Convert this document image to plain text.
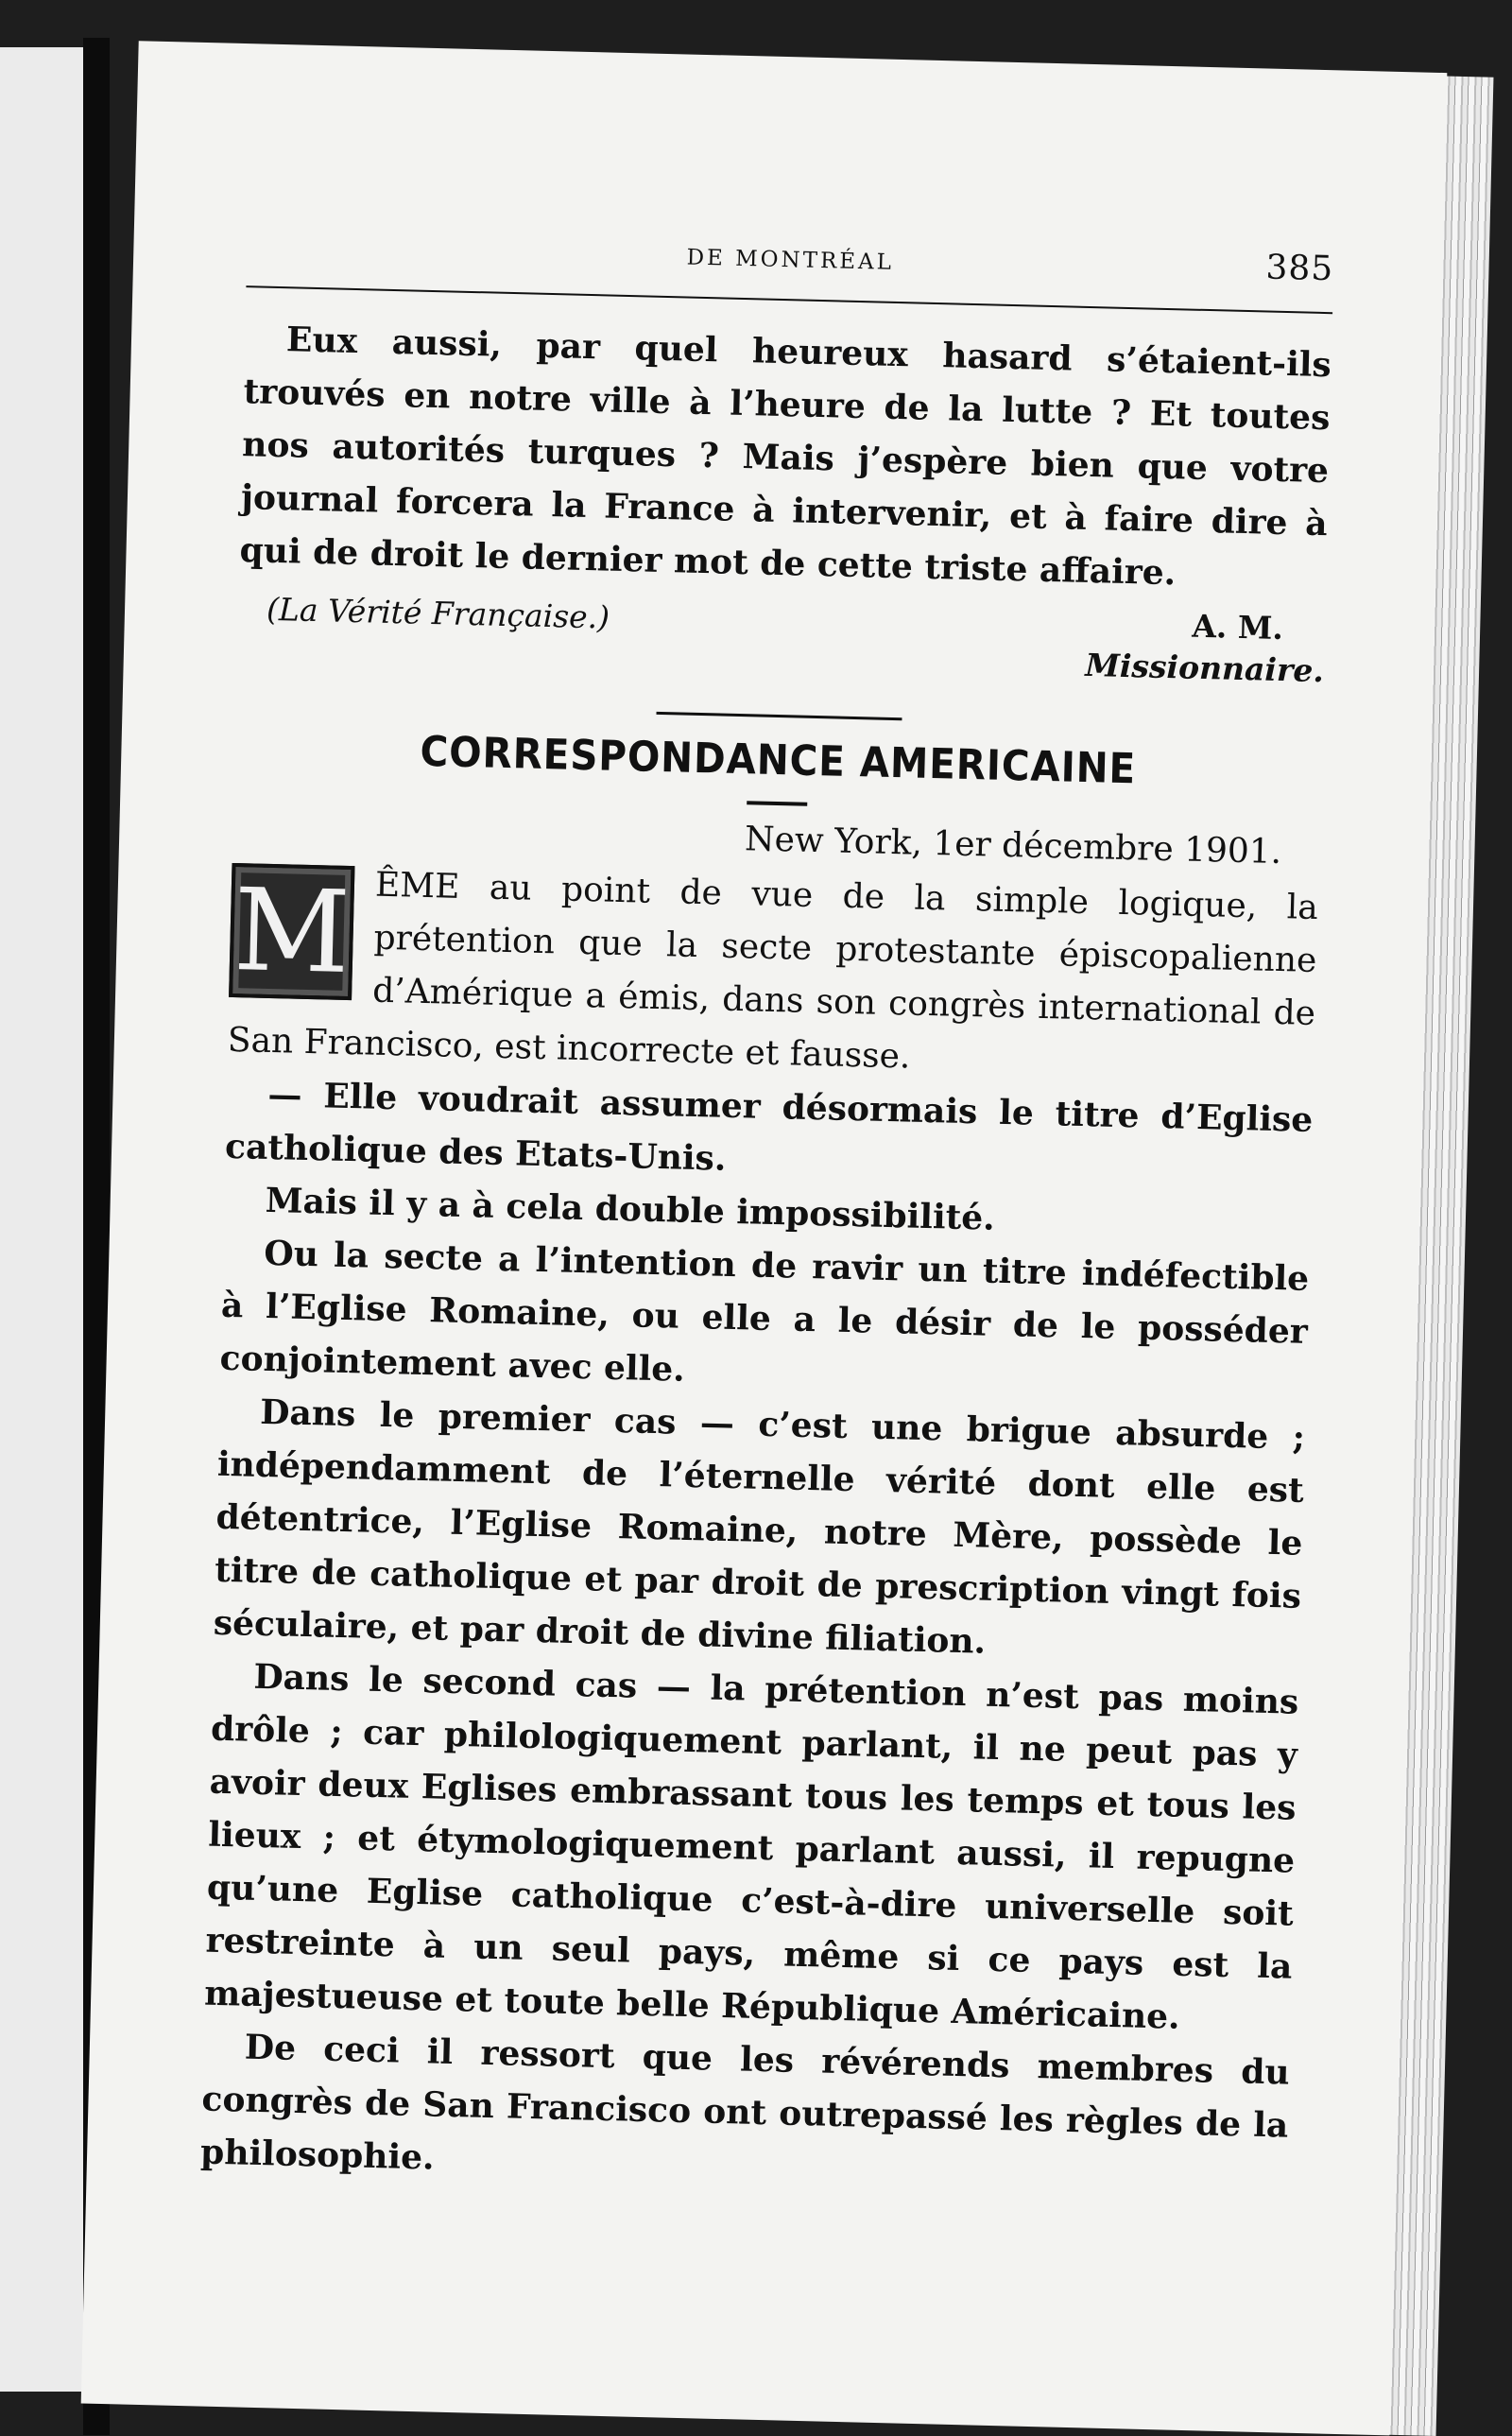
DE MONTRÉAL	385

Eux aussi, par quel heureux hasard s’étaient-ils trouvés en notre ville à l’heure de la lutte ? Et toutes nos autorités turques ? Mais j’espère bien que votre journal forcera la France à intervenir, et à faire dire à qui de droit le dernier mot de cette triste affaire.

(La Vérité Française.)	A. M.
Missionnaire.
CORRESPONDANCE AMERICAINE
New York, 1er décembre 1901.
M ÊME au point de vue de la simple logique, la prétention que la secte protestante épiscopalienne d’Amérique a émis, dans son congrès international de San Francisco, est incorrecte et fausse.

— Elle voudrait assumer désormais le titre d’Eglise catholique des Etats-Unis.

Mais il y a à cela double impossibilité.

Ou la secte a l’intention de ravir un titre indéfectible à l’Eglise Romaine, ou elle a le désir de le posséder conjointement avec elle.

Dans le premier cas — c’est une brigue absurde ; indépendamment de l’éternelle vérité dont elle est détentrice, l’Eglise Romaine, notre Mère, possède le titre de catholique et par droit de prescription vingt fois séculaire, et par droit de divine filiation.

Dans le second cas — la prétention n’est pas moins drôle ; car philologiquement parlant, il ne peut pas y avoir deux Eglises embrassant tous les temps et tous les lieux ; et étymologiquement parlant aussi, il repugne qu’une Eglise catholique c’est-à-dire universelle soit restreinte à un seul pays, même si ce pays est la majestueuse et toute belle République Américaine.

De ceci il ressort que les révérends membres du congrès de San Francisco ont outrepassé les règles de la philosophie.
